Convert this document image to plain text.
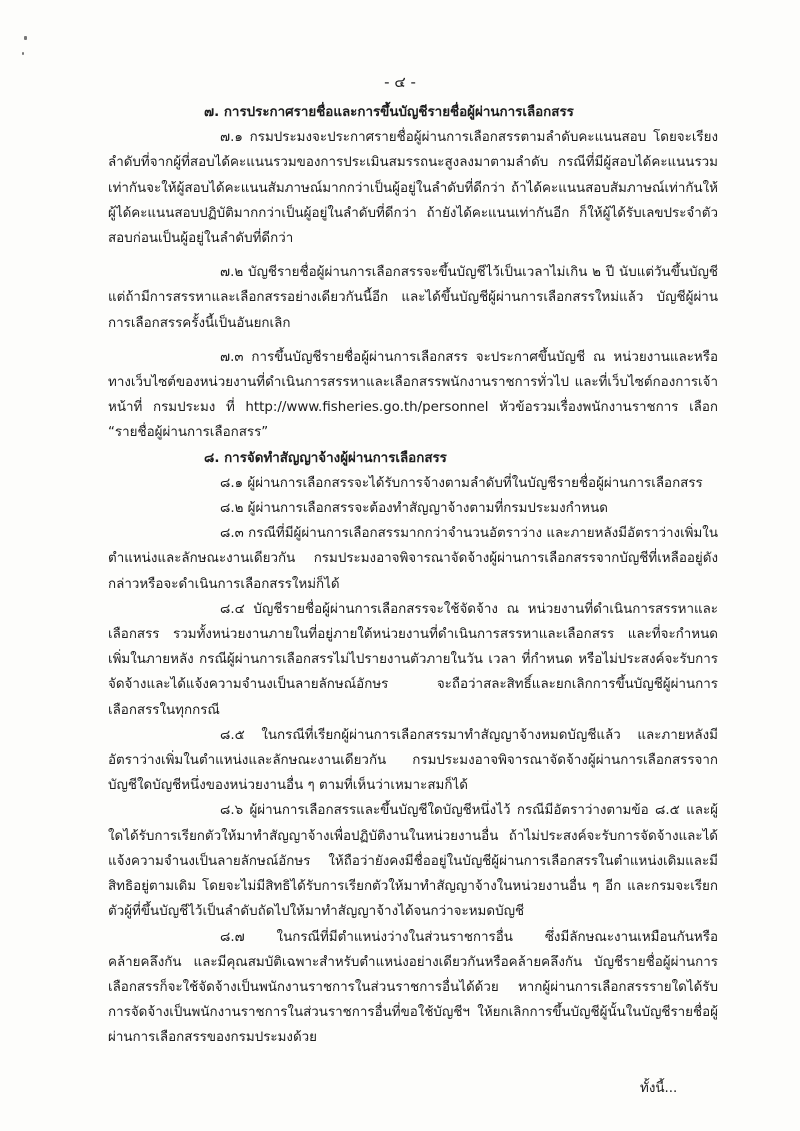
- ๔ -

๗. การประกาศรายชื่อและการขึ้นบัญชีรายชื่อผู้ผ่านการเลือกสรร

๗.๑ กรมประมงจะประกาศรายชื่อผู้ผ่านการเลือกสรรตามลำดับคะแนนสอบ โดยจะเรียงลำดับที่จากผู้ที่สอบได้คะแนนรวมของการประเมินสมรรถนะสูงลงมาตามลำดับ กรณีที่มีผู้สอบได้คะแนนรวมเท่ากันจะให้ผู้สอบได้คะแนนสัมภาษณ์มากกว่าเป็นผู้อยู่ในลำดับที่ดีกว่า ถ้าได้คะแนนสอบสัมภาษณ์เท่ากันให้ผู้ได้คะแนนสอบปฏิบัติมากกว่าเป็นผู้อยู่ในลำดับที่ดีกว่า ถ้ายังได้คะแนนเท่ากันอีก ก็ให้ผู้ได้รับเลขประจำตัวสอบก่อนเป็นผู้อยู่ในลำดับที่ดีกว่า

๗.๒ บัญชีรายชื่อผู้ผ่านการเลือกสรรจะขึ้นบัญชีไว้เป็นเวลาไม่เกิน ๒ ปี นับแต่วันขึ้นบัญชี แต่ถ้ามีการสรรหาและเลือกสรรอย่างเดียวกันนี้อีก และได้ขึ้นบัญชีผู้ผ่านการเลือกสรรใหม่แล้ว บัญชีผู้ผ่านการเลือกสรรครั้งนี้เป็นอันยกเลิก

๗.๓ การขึ้นบัญชีรายชื่อผู้ผ่านการเลือกสรร จะประกาศขึ้นบัญชี ณ หน่วยงานและหรือทางเว็บไซต์ของหน่วยงานที่ดำเนินการสรรหาและเลือกสรรพนักงานราชการทั่วไป และที่เว็บไซต์กองการเจ้าหน้าที่ กรมประมง ที่ http://www.fisheries.go.th/personnel หัวข้อรวมเรื่องพนักงานราชการ เลือก “รายชื่อผู้ผ่านการเลือกสรร”

๘. การจัดทำสัญญาจ้างผู้ผ่านการเลือกสรร

๘.๑ ผู้ผ่านการเลือกสรรจะได้รับการจ้างตามลำดับที่ในบัญชีรายชื่อผู้ผ่านการเลือกสรร

๘.๒ ผู้ผ่านการเลือกสรรจะต้องทำสัญญาจ้างตามที่กรมประมงกำหนด

๘.๓ กรณีที่มีผู้ผ่านการเลือกสรรมากกว่าจำนวนอัตราว่าง และภายหลังมีอัตราว่างเพิ่มในตำแหน่งและลักษณะงานเดียวกัน กรมประมงอาจพิจารณาจัดจ้างผู้ผ่านการเลือกสรรจากบัญชีที่เหลืออยู่ดังกล่าวหรือจะดำเนินการเลือกสรรใหม่ก็ได้

๘.๔ บัญชีรายชื่อผู้ผ่านการเลือกสรรจะใช้จัดจ้าง ณ หน่วยงานที่ดำเนินการสรรหาและเลือกสรร รวมทั้งหน่วยงานภายในที่อยู่ภายใต้หน่วยงานที่ดำเนินการสรรหาและเลือกสรร และที่จะกำหนดเพิ่มในภายหลัง กรณีผู้ผ่านการเลือกสรรไม่ไปรายงานตัวภายในวัน เวลา ที่กำหนด หรือไม่ประสงค์จะรับการจัดจ้างและได้แจ้งความจำนงเป็นลายลักษณ์อักษร จะถือว่าสละสิทธิ์และยกเลิกการขึ้นบัญชีผู้ผ่านการเลือกสรรในทุกกรณี

๘.๕ ในกรณีที่เรียกผู้ผ่านการเลือกสรรมาทำสัญญาจ้างหมดบัญชีแล้ว และภายหลังมีอัตราว่างเพิ่มในตำแหน่งและลักษณะงานเดียวกัน กรมประมงอาจพิจารณาจัดจ้างผู้ผ่านการเลือกสรรจากบัญชีใดบัญชีหนึ่งของหน่วยงานอื่น ๆ ตามที่เห็นว่าเหมาะสมก็ได้

๘.๖ ผู้ผ่านการเลือกสรรและขึ้นบัญชีใดบัญชีหนึ่งไว้ กรณีมีอัตราว่างตามข้อ ๘.๕ และผู้ใดได้รับการเรียกตัวให้มาทำสัญญาจ้างเพื่อปฏิบัติงานในหน่วยงานอื่น ถ้าไม่ประสงค์จะรับการจัดจ้างและได้แจ้งความจำนงเป็นลายลักษณ์อักษร ให้ถือว่ายังคงมีชื่ออยู่ในบัญชีผู้ผ่านการเลือกสรรในตำแหน่งเดิมและมีสิทธิอยู่ตามเดิม โดยจะไม่มีสิทธิได้รับการเรียกตัวให้มาทำสัญญาจ้างในหน่วยงานอื่น ๆ อีก และกรมจะเรียกตัวผู้ที่ขึ้นบัญชีไว้เป็นลำดับถัดไปให้มาทำสัญญาจ้างได้จนกว่าจะหมดบัญชี

๘.๗ ในกรณีที่มีตำแหน่งว่างในส่วนราชการอื่น ซึ่งมีลักษณะงานเหมือนกันหรือคล้ายคลึงกัน และมีคุณสมบัติเฉพาะสำหรับตำแหน่งอย่างเดียวกันหรือคล้ายคลึงกัน บัญชีรายชื่อผู้ผ่านการเลือกสรรก็จะใช้จัดจ้างเป็นพนักงานราชการในส่วนราชการอื่นได้ด้วย หากผู้ผ่านการเลือกสรรรายใดได้รับการจัดจ้างเป็นพนักงานราชการในส่วนราชการอื่นที่ขอใช้บัญชีฯ ให้ยกเลิกการขึ้นบัญชีผู้นั้นในบัญชีรายชื่อผู้ผ่านการเลือกสรรของกรมประมงด้วย

ทั้งนี้...
